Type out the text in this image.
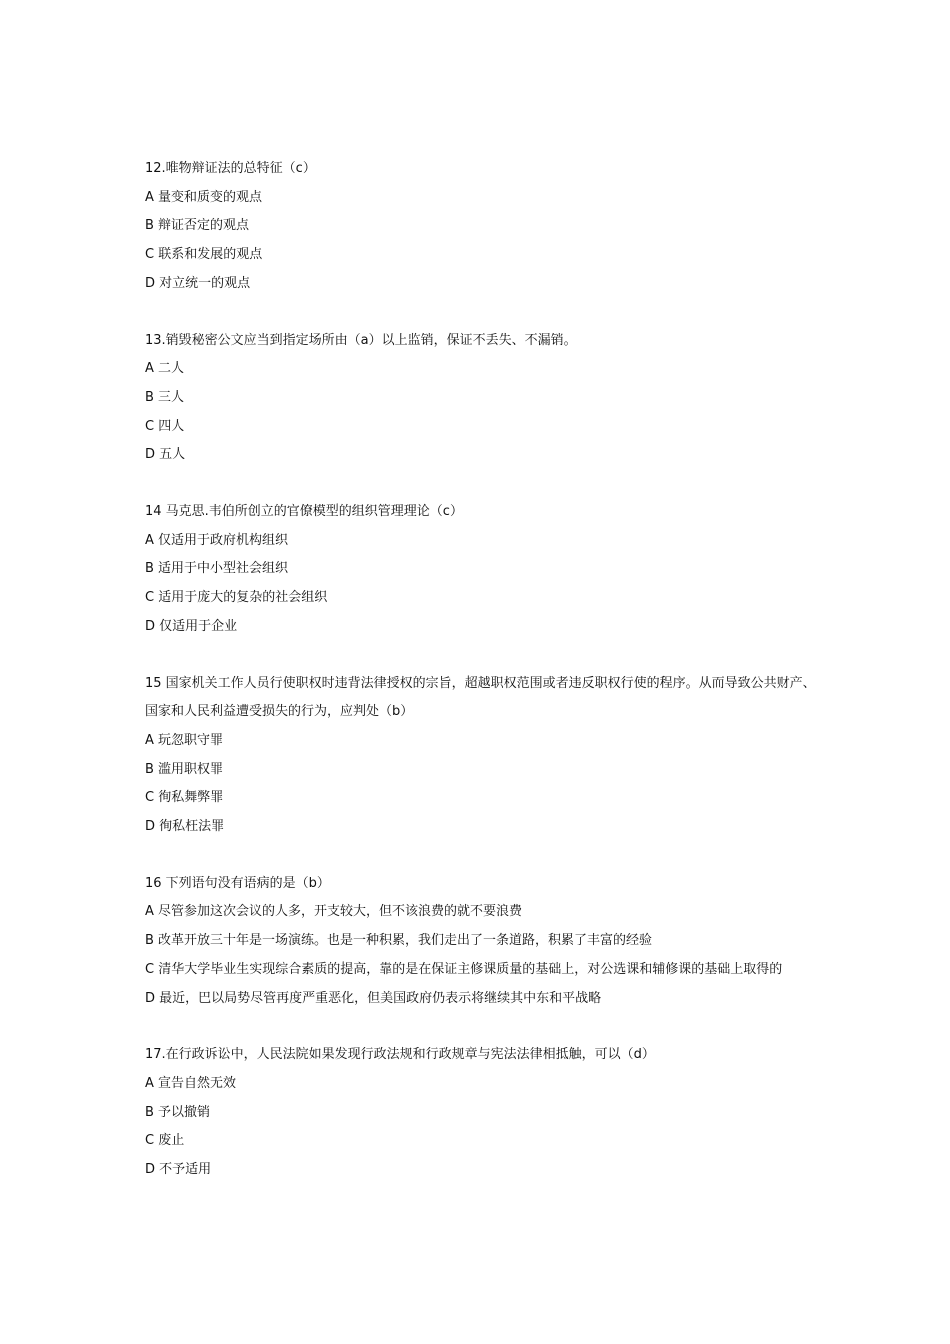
12.唯物辩证法的总特征（c）
A 量变和质变的观点
B 辩证否定的观点
C 联系和发展的观点
D 对立统一的观点
13.销毁秘密公文应当到指定场所由（a）以上监销，保证不丢失、不漏销。
A 二人
B 三人
C 四人
D 五人
14 马克思.韦伯所创立的官僚模型的组织管理理论（c）
A 仅适用于政府机构组织
B 适用于中小型社会组织
C 适用于庞大的复杂的社会组织
D 仅适用于企业
15 国家机关工作人员行使职权时违背法律授权的宗旨，超越职权范围或者违反职权行使的程序。从而导致公共财产、国家和人民利益遭受损失的行为，应判处（b）
A 玩忽职守罪
B 滥用职权罪
C 徇私舞弊罪
D 徇私枉法罪
16 下列语句没有语病的是（b）
A 尽管参加这次会议的人多，开支较大，但不该浪费的就不要浪费
B 改革开放三十年是一场演练。也是一种积累，我们走出了一条道路，积累了丰富的经验
C 清华大学毕业生实现综合素质的提高，靠的是在保证主修课质量的基础上，对公选课和辅修课的基础上取得的
D 最近，巴以局势尽管再度严重恶化，但美国政府仍表示将继续其中东和平战略
17.在行政诉讼中，人民法院如果发现行政法规和行政规章与宪法法律相抵触，可以（d）
A 宣告自然无效
B 予以撤销
C 废止
D 不予适用
